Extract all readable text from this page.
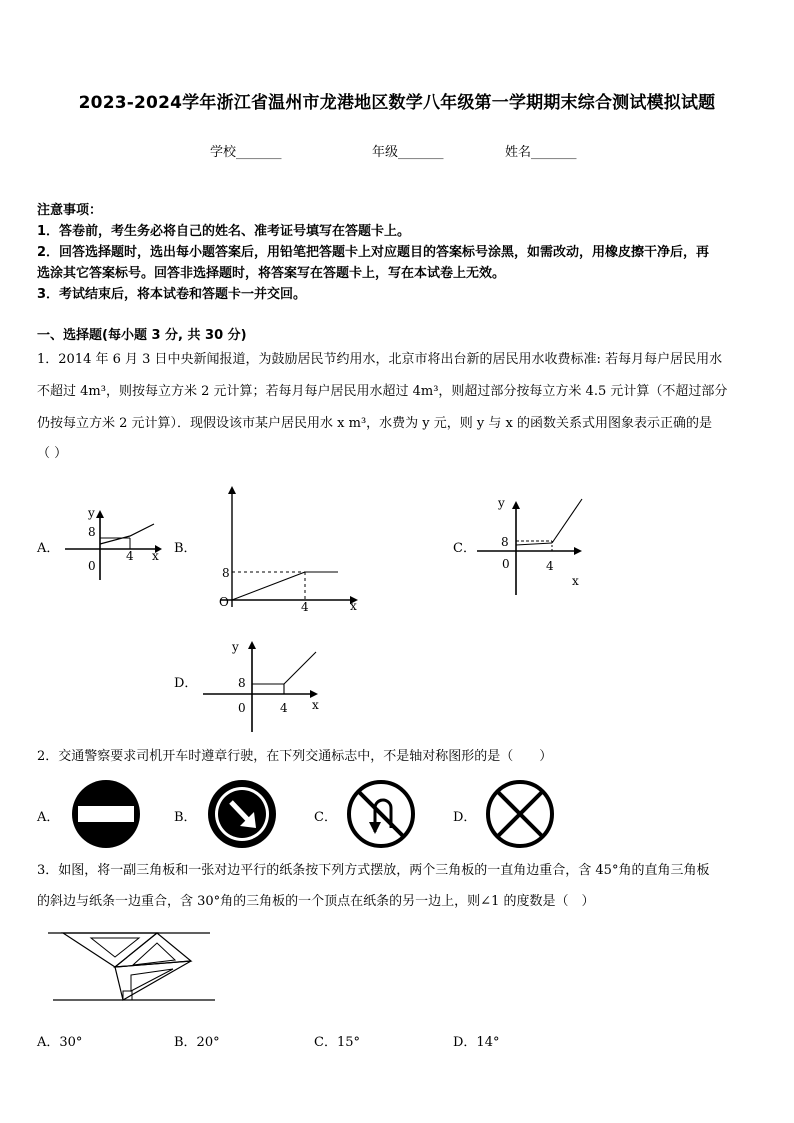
2023-2024学年浙江省温州市龙港地区数学八年级第一学期期末综合测试模拟试题
学校_______	年级_______	姓名_______
注意事项：
1．答卷前，考生务必将自己的姓名、准考证号填写在答题卡上。
2．回答选择题时，选出每小题答案后，用铅笔把答题卡上对应题目的答案标号涂黑，如需改动，用橡皮擦干净后，再
选涂其它答案标号。回答非选择题时，将答案写在答题卡上，写在本试卷上无效。
3．考试结束后，将本试卷和答题卡一并交回。
一、选择题(每小题 3 分, 共 30 分)
1．2014 年 6 月 3 日中央新闻报道，为鼓励居民节约用水，北京市将出台新的居民用水收费标准: 若每月每户居民用水
不超过 4m³，则按每立方米 2 元计算；若每月每户居民用水超过 4m³，则超过部分按每立方米 4.5 元计算（不超过部分
仍按每立方米 2 元计算）．现假设该市某户居民用水 x m³，水费为 y 元，则 y 与 x 的函数关系式用图象表示正确的是
（ ）
A．
y
8
0
4 x B．
8
O	4	x
C．
y
8
0	4
x
D．
y
8
0	4 x
2．交通警察要求司机开车时遵章行驶，在下列交通标志中，不是轴对称图形的是（　　）
A．	B．	C．	D．
3．如图，将一副三角板和一张对边平行的纸条按下列方式摆放，两个三角板的一直角边重合，含 45°角的直角三角板
的斜边与纸条一边重合，含 30°角的三角板的一个顶点在纸条的另一边上，则∠1 的度数是（　）
A．30°	B．20°	C．15°	D．14°
